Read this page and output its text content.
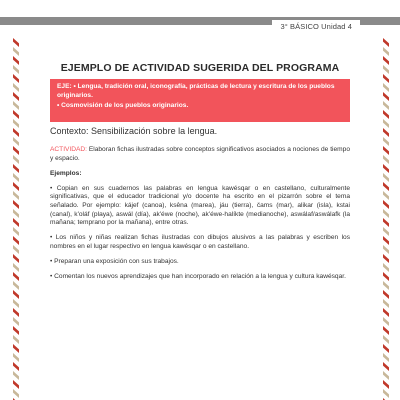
3° BÁSICO Unidad 4
EJEMPLO DE ACTIVIDAD SUGERIDA DEL PROGRAMA

EJE: • Lengua, tradición oral, iconografía, prácticas de lectura y escritura de los pueblos originarios.

• Cosmovisión de los pueblos originarios.

Contexto: Sensibilización sobre la lengua.

ACTIVIDAD: Elaboran fichas ilustradas sobre conceptos significativos asociados a nociones de tiempo y espacio.

Ejemplos:

• Copian en sus cuadernos las palabras en lengua kawésqar o en castellano, culturalmente significativas, que el educador tradicional y/o docente ha escrito en el pizarrón sobre el tema señalado. Por ejemplo: kájef (canoa), ksêna (marea), jáu (tierra), čams (mar), alikar (isla), kstai (canal), k'oláf (playa), aswál (día), ak'éwe (noche), ak'éwe-halíkte (medianoche), aswálaf/aswálafk (la mañana; temprano por la mañana), entre otras.

• Los niños y niñas realizan fichas ilustradas con dibujos alusivos a las palabras y escriben los nombres en el lugar respectivo en lengua kawésqar o en castellano.

• Preparan una exposición con sus trabajos.

• Comentan los nuevos aprendizajes que han incorporado en relación a la lengua y cultura kawésqar.
